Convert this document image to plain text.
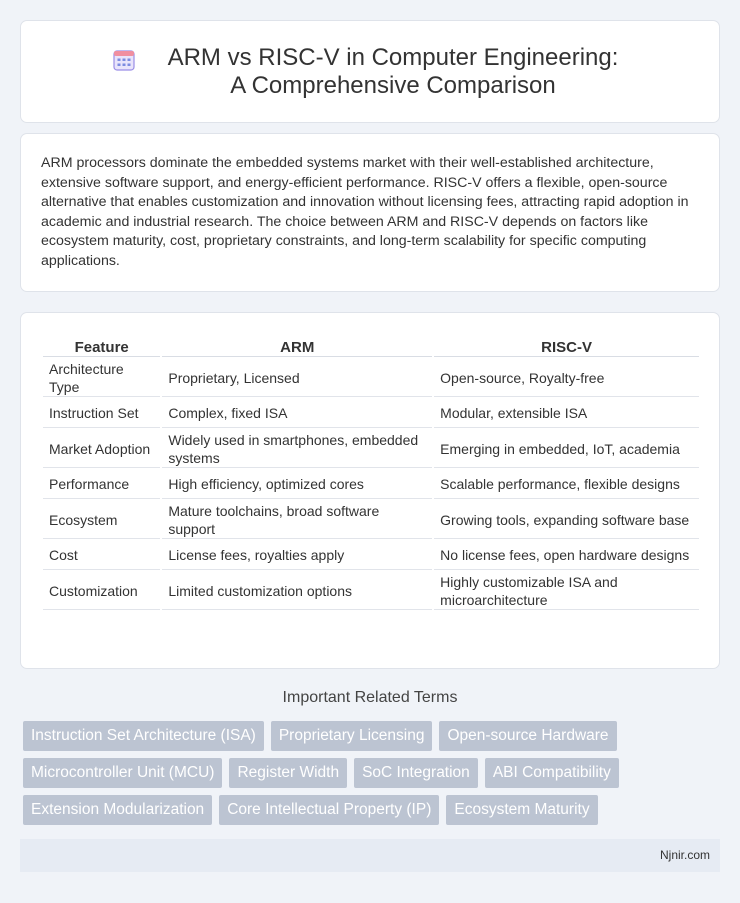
ARM vs RISC-V in Computer Engineering: A Comprehensive Comparison

ARM processors dominate the embedded systems market with their well-established architecture, extensive software support, and energy-efficient performance. RISC-V offers a flexible, open-source alternative that enables customization and innovation without licensing fees, attracting rapid adoption in academic and industrial research. The choice between ARM and RISC-V depends on factors like ecosystem maturity, cost, proprietary constraints, and long-term scalability for specific computing applications.

Feature	ARM	RISC-V
Architecture Type	Proprietary, Licensed	Open-source, Royalty-free
Instruction Set	Complex, fixed ISA	Modular, extensible ISA
Market Adoption	Widely used in smartphones, embedded systems	Emerging in embedded, IoT, academia
Performance	High efficiency, optimized cores	Scalable performance, flexible designs
Ecosystem	Mature toolchains, broad software support	Growing tools, expanding software base
Cost	License fees, royalties apply	No license fees, open hardware designs
Customization	Limited customization options	Highly customizable ISA and microarchitecture
Important Related Terms
Instruction Set Architecture (ISA)	Proprietary Licensing	Open-source Hardware
Microcontroller Unit (MCU)	Register Width	SoC Integration	ABI Compatibility
Extension Modularization	Core Intellectual Property (IP)	Ecosystem Maturity
Njnir.com
